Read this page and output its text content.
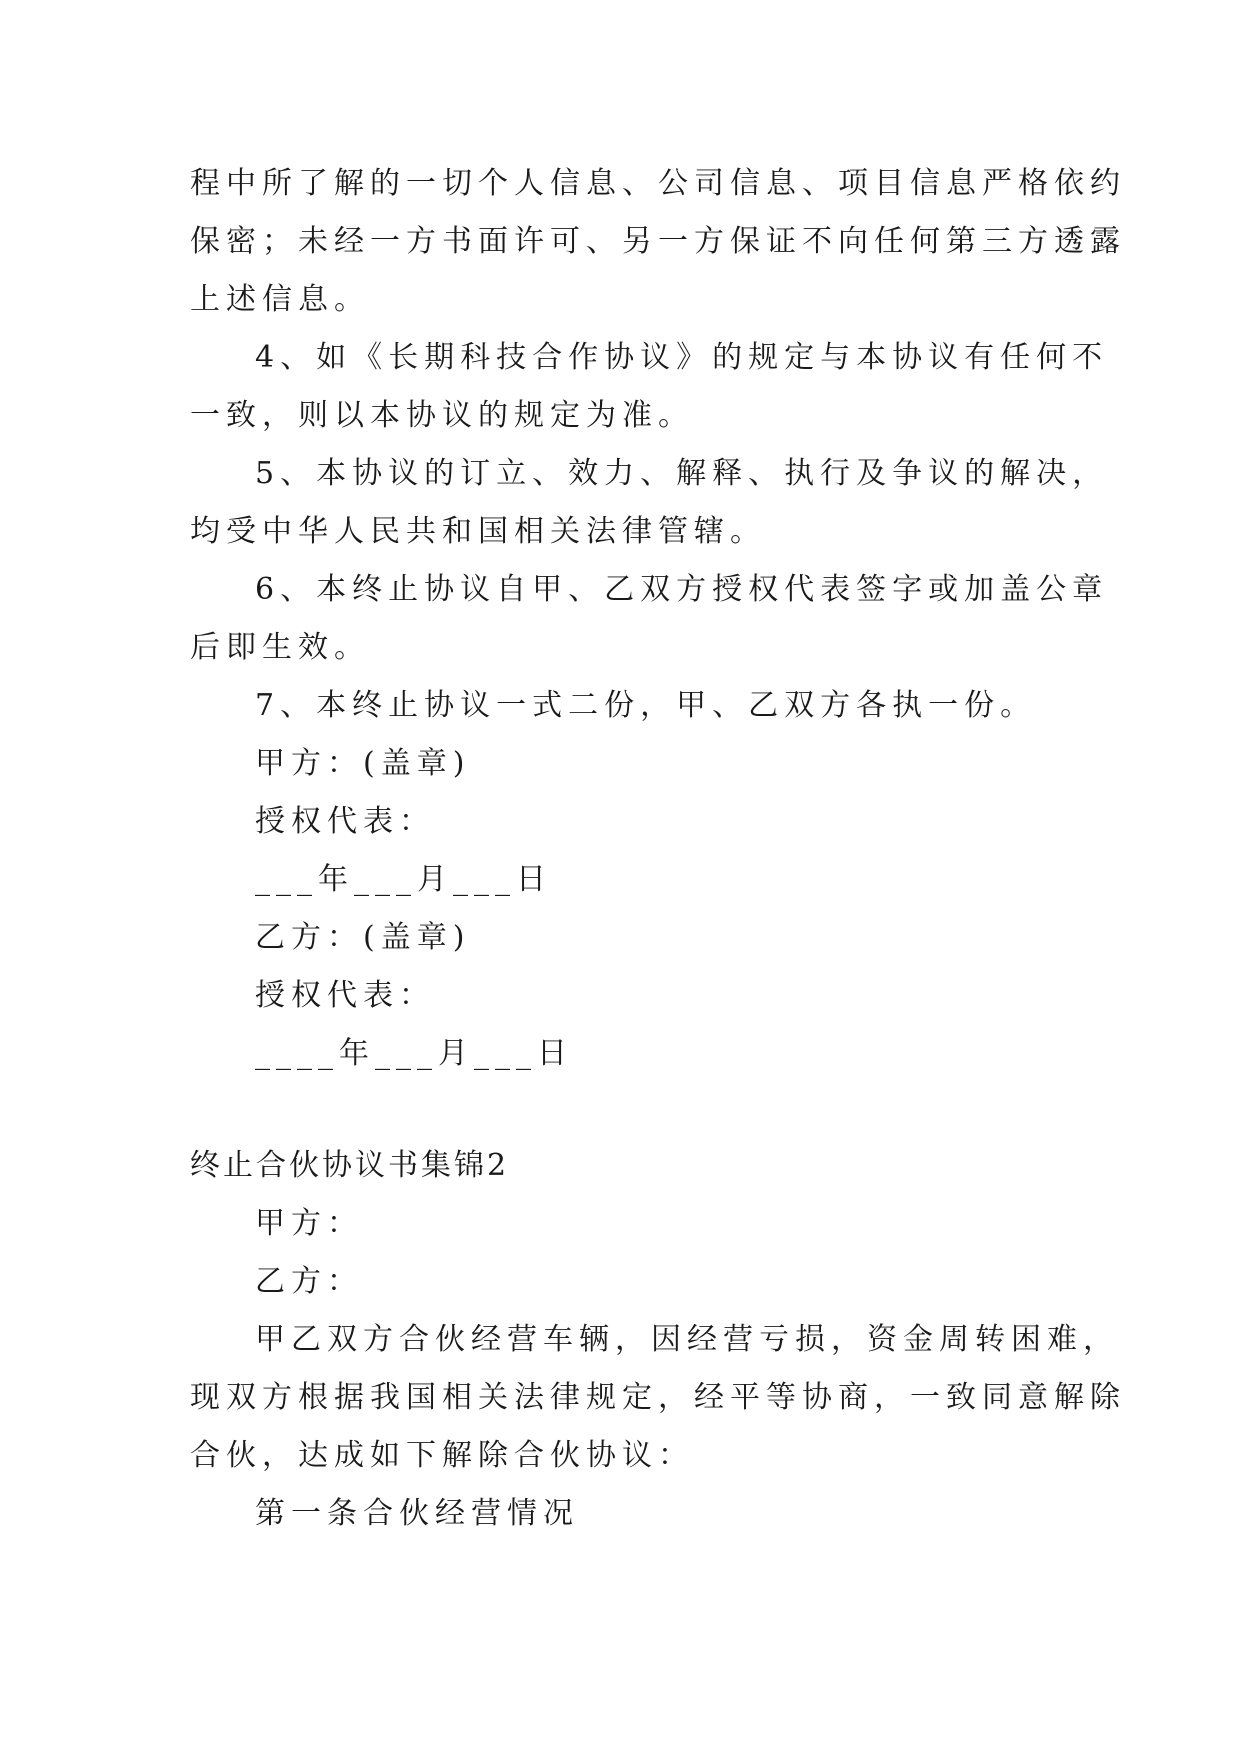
程中所了解的一切个人信息、公司信息、项目信息严格依约
保密；未经一方书面许可、另一方保证不向任何第三方透露
上述信息。
4、如《长期科技合作协议》的规定与本协议有任何不
一致，则以本协议的规定为准。
5、本协议的订立、效力、解释、执行及争议的解决，
均受中华人民共和国相关法律管辖。
6、本终止协议自甲、乙双方授权代表签字或加盖公章
后即生效。
7、本终止协议一式二份，甲、乙双方各执一份。
甲方：(盖章)
授权代表：
___年___月___日
乙方：(盖章)
授权代表：
____年___月___日
终止合伙协议书集锦2
甲方：
乙方：
甲乙双方合伙经营车辆，因经营亏损，资金周转困难，
现双方根据我国相关法律规定，经平等协商，一致同意解除
合伙，达成如下解除合伙协议：
第一条合伙经营情况
